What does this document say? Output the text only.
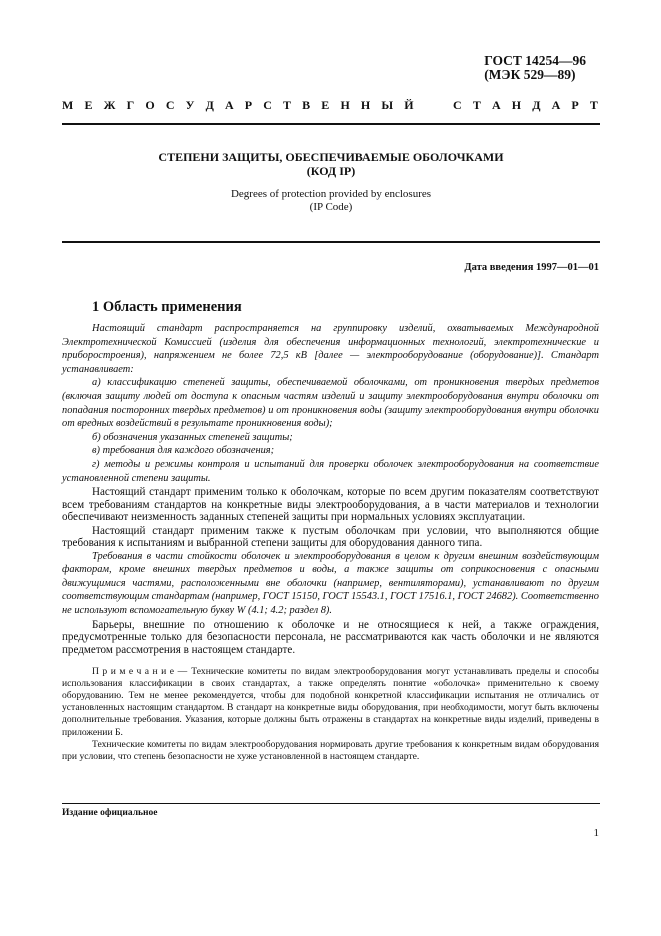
ГОСТ 14254—96
(МЭК 529—89)
М Е Ж Г О С У Д А Р С Т В Е Н Н Ы Й

	С Т А Н Д А Р Т
СТЕПЕНИ ЗАЩИТЫ, ОБЕСПЕЧИВАЕМЫЕ ОБОЛОЧКАМИ
(КОД IP)
Degrees of protection provided by enclosures
(IP Code)
Дата введения 1997—01—01
1 Область применения

Настоящий стандарт распространяется на группировку изделий, охватываемых Международной Электротехнической Комиссией (изделия для обеспечения информационных технологий, электротехнические и приборостроения), напряжением не более 72,5 кВ [далее — электрооборудование (оборудование)]. Стандарт устанавливает:

а) классификацию степеней защиты, обеспечиваемой оболочками, от проникновения твердых предметов (включая защиту людей от доступа к опасным частям изделий и защиту электрооборудования внутри оболочки от попадания посторонних твердых предметов) и от проникновения воды (защиту электрооборудования внутри оболочки от вредных воздействий в результате проникновения воды);

б) обозначения указанных степеней защиты;

в) требования для каждого обозначения;

г) методы и режимы контроля и испытаний для проверки оболочек электрооборудования на соответствие установленной степени защиты.

Настоящий стандарт применим только к оболочкам, которые по всем другим показателям соответствуют всем требованиям стандартов на конкретные виды электрооборудования, а в части материалов и технологии обеспечивают неизменность заданных степеней защиты при нормальных условиях эксплуатации.

Настоящий стандарт применим также к пустым оболочкам при условии, что выполняются общие требования к испытаниям и выбранной степени защиты для оборудования данного типа.

Требования в части стойкости оболочек и электрооборудования в целом к другим внешним воздействующим факторам, кроме внешних твердых предметов и воды, а также защиты от соприкосновения с опасными движущимися частями, расположенными вне оболочки (например, вентиляторами), устанавливают по другим соответствующим стандартам (например, ГОСТ 15150, ГОСТ 15543.1, ГОСТ 17516.1, ГОСТ 24682). Соответственно не используют вспомогательную букву W (4.1; 4.2; раздел 8).

Барьеры, внешние по отношению к оболочке и не относящиеся к ней, а также ограждения, предусмотренные только для безопасности персонала, не рассматриваются как часть оболочки и не являются предметом рассмотрения в настоящем стандарте.

Примечание— Технические комитеты по видам электрооборудования могут устанавливать пределы и способы использования классификации в своих стандартах, а также определять понятие «оболочка» применительно к своему оборудованию. Тем не менее рекомендуется, чтобы для подобной конкретной классификации испытания не отличались от установленных настоящим стандартом. В стандарт на конкретные виды оборудования, при необходимости, могут быть включены дополнительные требования. Указания, которые должны быть отражены в стандартах на конкретные виды изделий, приведены в приложении Б.

Технические комитеты по видам электрооборудования нормировать другие требования к конкретным видам оборудования при условии, что степень безопасности не хуже установленной в настоящем стандарте.

Издание официальное
1
